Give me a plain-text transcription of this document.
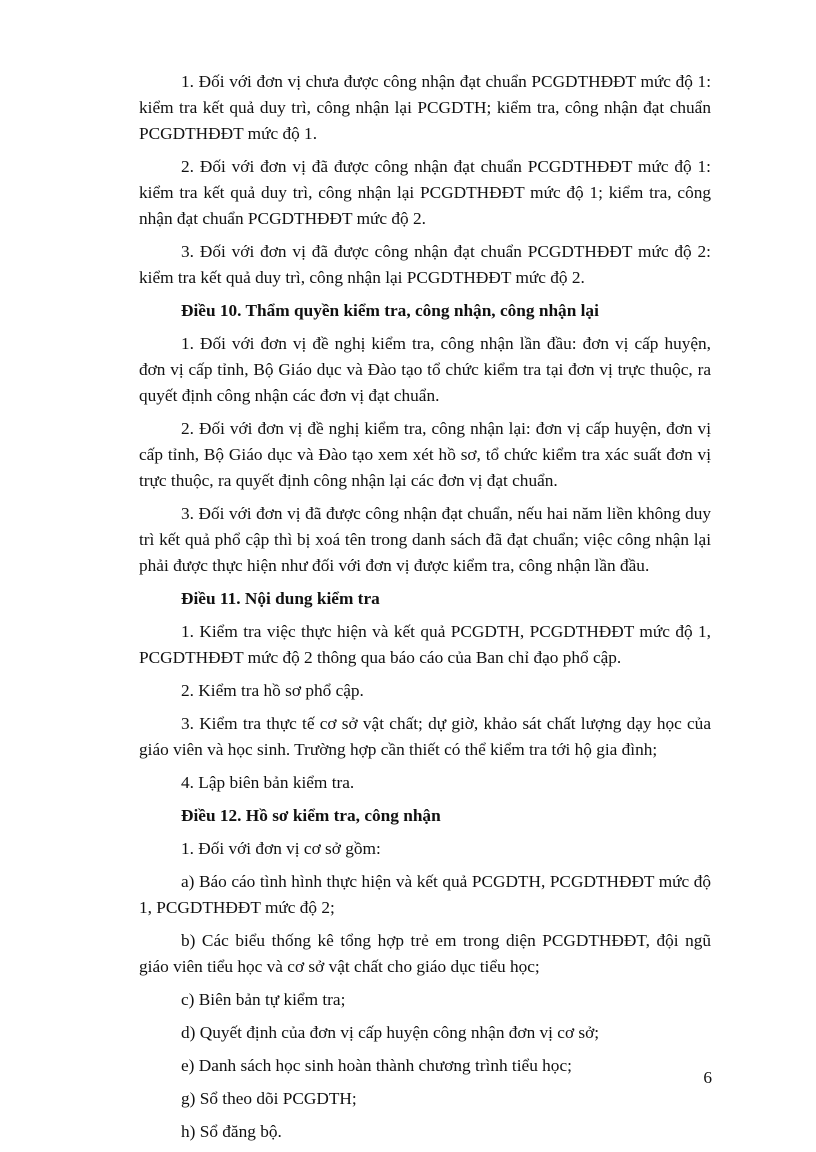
1. Đối với đơn vị chưa được công nhận đạt chuẩn PCGDTHĐĐT mức độ 1: kiểm tra kết quả duy trì, công nhận lại PCGDTH; kiểm tra, công nhận đạt chuẩn PCGDTHĐĐT mức độ 1.

2. Đối với đơn vị đã được công nhận đạt chuẩn PCGDTHĐĐT mức độ 1: kiểm tra kết quả duy trì, công nhận lại PCGDTHĐĐT mức độ 1; kiểm tra, công nhận đạt chuẩn PCGDTHĐĐT mức độ 2.

3. Đối với đơn vị đã được công nhận đạt chuẩn PCGDTHĐĐT mức độ 2: kiểm tra kết quả duy trì, công nhận lại PCGDTHĐĐT mức độ 2.

Điều 10. Thẩm quyền kiểm tra, công nhận, công nhận lại

1. Đối với đơn vị đề nghị kiểm tra, công nhận lần đầu: đơn vị cấp huyện, đơn vị cấp tỉnh, Bộ Giáo dục và Đào tạo tổ chức kiểm tra tại đơn vị trực thuộc, ra quyết định công nhận các đơn vị đạt chuẩn.

2. Đối với đơn vị đề nghị kiểm tra, công nhận lại: đơn vị cấp huyện, đơn vị cấp tỉnh, Bộ Giáo dục và Đào tạo xem xét hồ sơ, tổ chức kiểm tra xác suất đơn vị trực thuộc, ra quyết định công nhận lại các đơn vị đạt chuẩn.

3. Đối với đơn vị đã được công nhận đạt chuẩn, nếu hai năm liền không duy trì kết quả phổ cập thì bị xoá tên trong danh sách đã đạt chuẩn; việc công nhận lại phải được thực hiện như đối với đơn vị được kiểm tra, công nhận lần đầu.

Điều 11. Nội dung kiểm tra

1. Kiểm tra việc thực hiện và kết quả PCGDTH, PCGDTHĐĐT mức độ 1, PCGDTHĐĐT mức độ 2 thông qua báo cáo của Ban chỉ đạo phổ cập.

2. Kiểm tra hồ sơ phổ cập.

3. Kiểm tra thực tế cơ sở vật chất; dự giờ, khảo sát chất lượng dạy học của giáo viên và học sinh. Trường hợp cần thiết có thể kiểm tra tới hộ gia đình;

4. Lập biên bản kiểm tra.

Điều 12. Hồ sơ kiểm tra, công nhận

1. Đối với đơn vị cơ sở gồm:

a) Báo cáo tình hình thực hiện và kết quả PCGDTH, PCGDTHĐĐT mức độ 1, PCGDTHĐĐT mức độ 2;

b) Các biểu thống kê tổng hợp trẻ em trong diện PCGDTHĐĐT, đội ngũ giáo viên tiểu học và cơ sở vật chất cho giáo dục tiểu học;

c) Biên bản tự kiểm tra;

d) Quyết định của đơn vị cấp huyện công nhận đơn vị cơ sở;

e) Danh sách học sinh hoàn thành chương trình tiểu học;

g) Sổ theo dõi PCGDTH;

h) Sổ đăng bộ.

6
